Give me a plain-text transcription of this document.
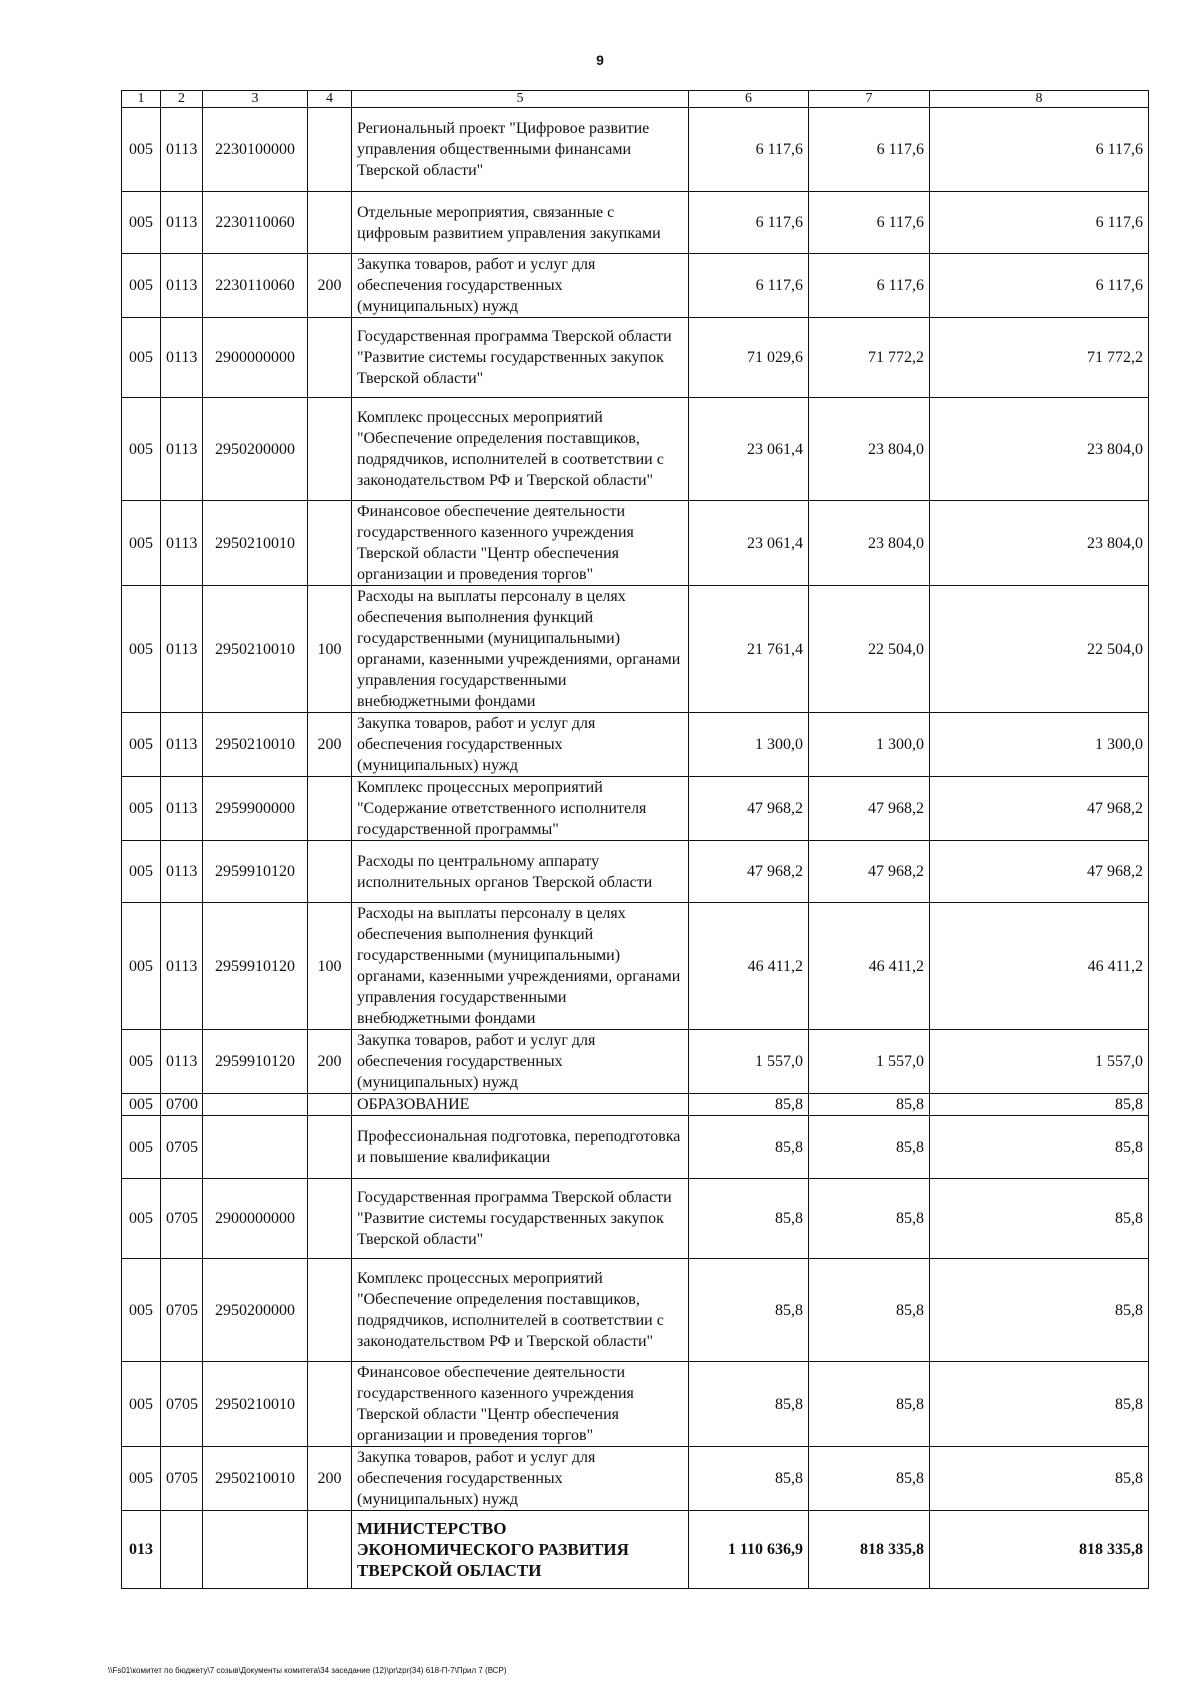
9
1	2	3	4	5	6	7	8
005	0113	2230100000		Региональный проект "Цифровое развитие управления общественными финансами Тверской области"	6 117,6	6 117,6	6 117,6
005	0113	2230110060		Отдельные мероприятия, связанные с цифровым развитием управления закупками	6 117,6	6 117,6	6 117,6
005	0113	2230110060	200	Закупка товаров, работ и услуг для обеспечения государственных (муниципальных) нужд	6 117,6	6 117,6	6 117,6
005	0113	2900000000		Государственная программа Тверской области "Развитие системы государственных закупок Тверской области"	71 029,6	71 772,2	71 772,2
005	0113	2950200000		Комплекс процессных мероприятий "Обеспечение определения поставщиков, подрядчиков, исполнителей в соответствии с законодательством РФ и Тверской области"	23 061,4	23 804,0	23 804,0
005	0113	2950210010		Финансовое обеспечение деятельности государственного казенного учреждения Тверской области "Центр обеспечения организации и проведения торгов"	23 061,4	23 804,0	23 804,0
005	0113	2950210010	100	Расходы на выплаты персоналу в целях обеспечения выполнения функций государственными (муниципальными) органами, казенными учреждениями, органами управления государственными внебюджетными фондами	21 761,4	22 504,0	22 504,0
005	0113	2950210010	200	Закупка товаров, работ и услуг для обеспечения государственных (муниципальных) нужд	1 300,0	1 300,0	1 300,0
005	0113	2959900000		Комплекс процессных мероприятий "Содержание ответственного исполнителя государственной программы"	47 968,2	47 968,2	47 968,2
005	0113	2959910120		Расходы по центральному аппарату исполнительных органов Тверской области	47 968,2	47 968,2	47 968,2
005	0113	2959910120	100	Расходы на выплаты персоналу в целях обеспечения выполнения функций государственными (муниципальными) органами, казенными учреждениями, органами управления государственными внебюджетными фондами	46 411,2	46 411,2	46 411,2
005	0113	2959910120	200	Закупка товаров, работ и услуг для обеспечения государственных (муниципальных) нужд	1 557,0	1 557,0	1 557,0
005	0700			ОБРАЗОВАНИЕ	85,8	85,8	85,8
005	0705			Профессиональная подготовка, переподготовка и повышение квалификации	85,8	85,8	85,8
005	0705	2900000000		Государственная программа Тверской области "Развитие системы государственных закупок Тверской области"	85,8	85,8	85,8
005	0705	2950200000		Комплекс процессных мероприятий "Обеспечение определения поставщиков, подрядчиков, исполнителей в соответствии с законодательством РФ и Тверской области"	85,8	85,8	85,8
005	0705	2950210010		Финансовое обеспечение деятельности государственного казенного учреждения Тверской области "Центр обеспечения организации и проведения торгов"	85,8	85,8	85,8
005	0705	2950210010	200	Закупка товаров, работ и услуг для обеспечения государственных (муниципальных) нужд	85,8	85,8	85,8
013				МИНИСТЕРСТВО ЭКОНОМИЧЕСКОГО РАЗВИТИЯ ТВЕРСКОЙ ОБЛАСТИ	1 110 636,9	818 335,8	818 335,8
\\Fs01\комитет по бюджету\7 созыв\Документы комитета\34 заседание (12)\pr\zpr(34) 618-П-7\Прил 7 (ВСР)
